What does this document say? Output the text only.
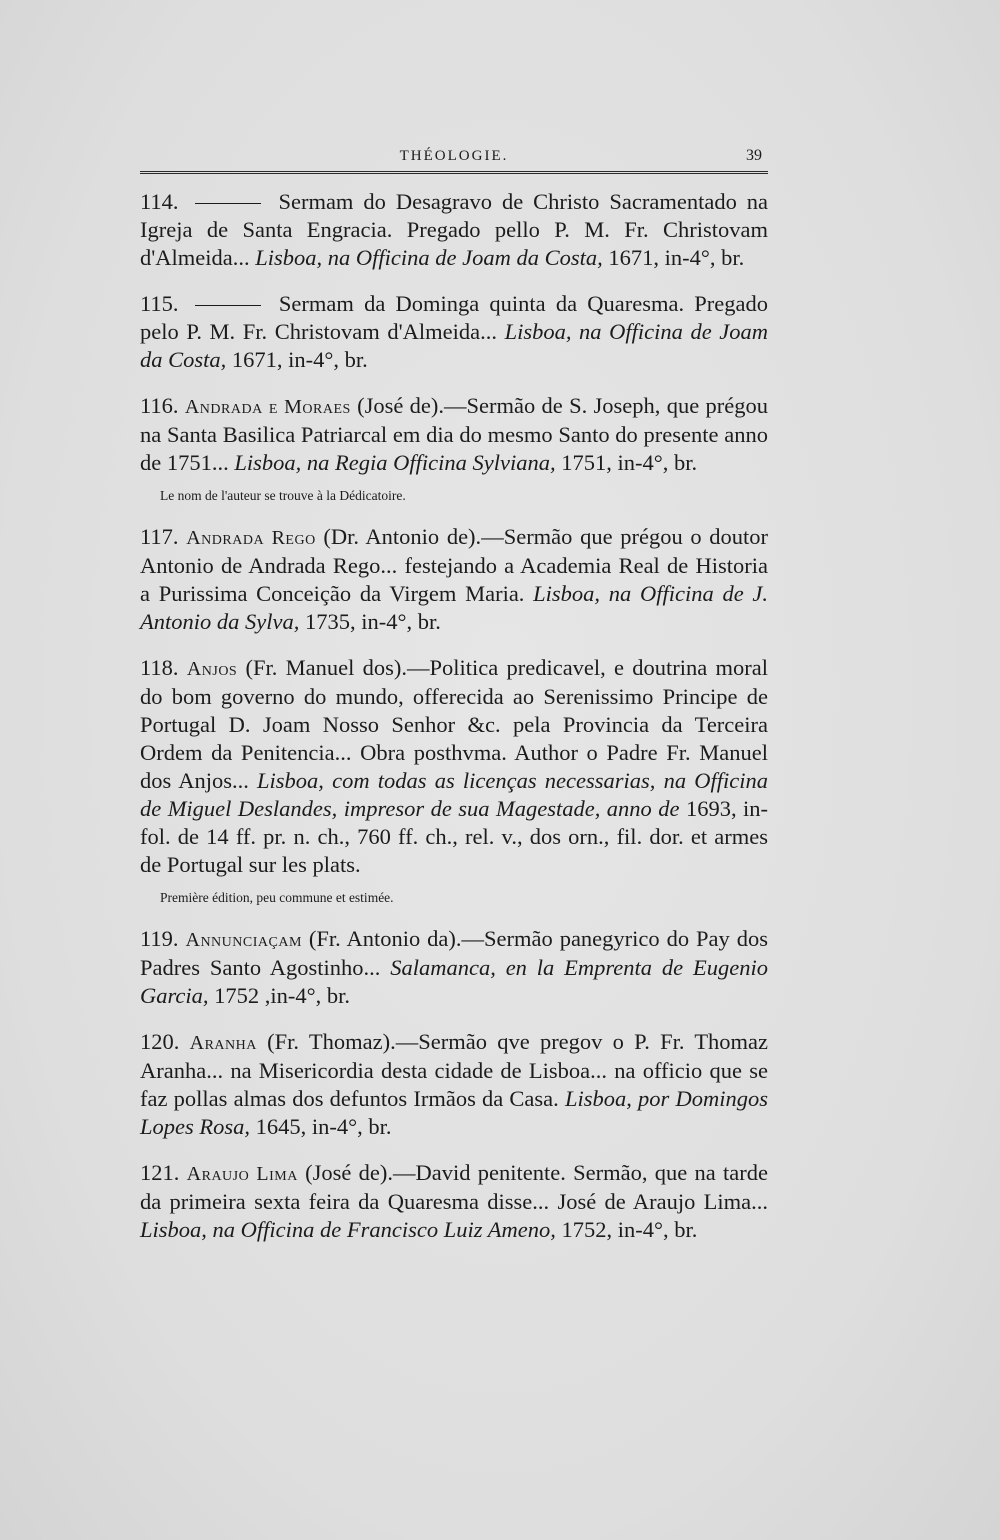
THÉOLOGIE.	39

114.	Sermam do Desagravo de Christo Sacramentado na Igreja de Santa Engracia. Pregado pello P. M. Fr. Christovam d'Almeida... Lisboa, na Officina de Joam da Costa, 1671, in-4°, br.

115.	Sermam da Dominga quinta da Quaresma. Pregado pelo P. M. Fr. Christovam d'Almeida... Lisboa, na Officina de Joam da Costa, 1671, in-4°, br.

116. Andrada e Moraes (José de).—Sermão de S. Joseph, que prégou na Santa Basilica Patriarcal em dia do mesmo Santo do presente anno de 1751... Lisboa, na Regia Officina Sylviana, 1751, in-4°, br.

Le nom de l'auteur se trouve à la Dédicatoire.

117. Andrada Rego (Dr. Antonio de).—Sermão que prégou o doutor Antonio de Andrada Rego... festejando a Academia Real de Historia a Purissima Conceição da Virgem Maria. Lisboa, na Officina de J. Antonio da Sylva, 1735, in-4°, br.

118. Anjos (Fr. Manuel dos).—Politica predicavel, e doutrina moral do bom governo do mundo, offerecida ao Serenissimo Principe de Portugal D. Joam Nosso Senhor &c. pela Provincia da Terceira Ordem da Penitencia... Obra posthvma. Author o Padre Fr. Manuel dos Anjos... Lisboa, com todas as licenças necessarias, na Officina de Miguel Deslandes, impresor de sua Magestade, anno de 1693, in-fol. de 14 ff. pr. n. ch., 760 ff. ch., rel. v., dos orn., fil. dor. et armes de Portugal sur les plats.

Première édition, peu commune et estimée.

119. Annunciaçam (Fr. Antonio da).—Sermão panegyrico do Pay dos Padres Santo Agostinho... Salamanca, en la Emprenta de Eugenio Garcia, 1752 ,in-4°, br.

120. Aranha (Fr. Thomaz).—Sermão qve pregov o P. Fr. Thomaz Aranha... na Misericordia desta cidade de Lisboa... na officio que se faz pollas almas dos defuntos Irmãos da Casa. Lisboa, por Domingos Lopes Rosa, 1645, in-4°, br.

121. Araujo Lima (José de).—David penitente. Sermão, que na tarde da primeira sexta feira da Quaresma disse... José de Araujo Lima... Lisboa, na Officina de Francisco Luiz Ameno, 1752, in-4°, br.
